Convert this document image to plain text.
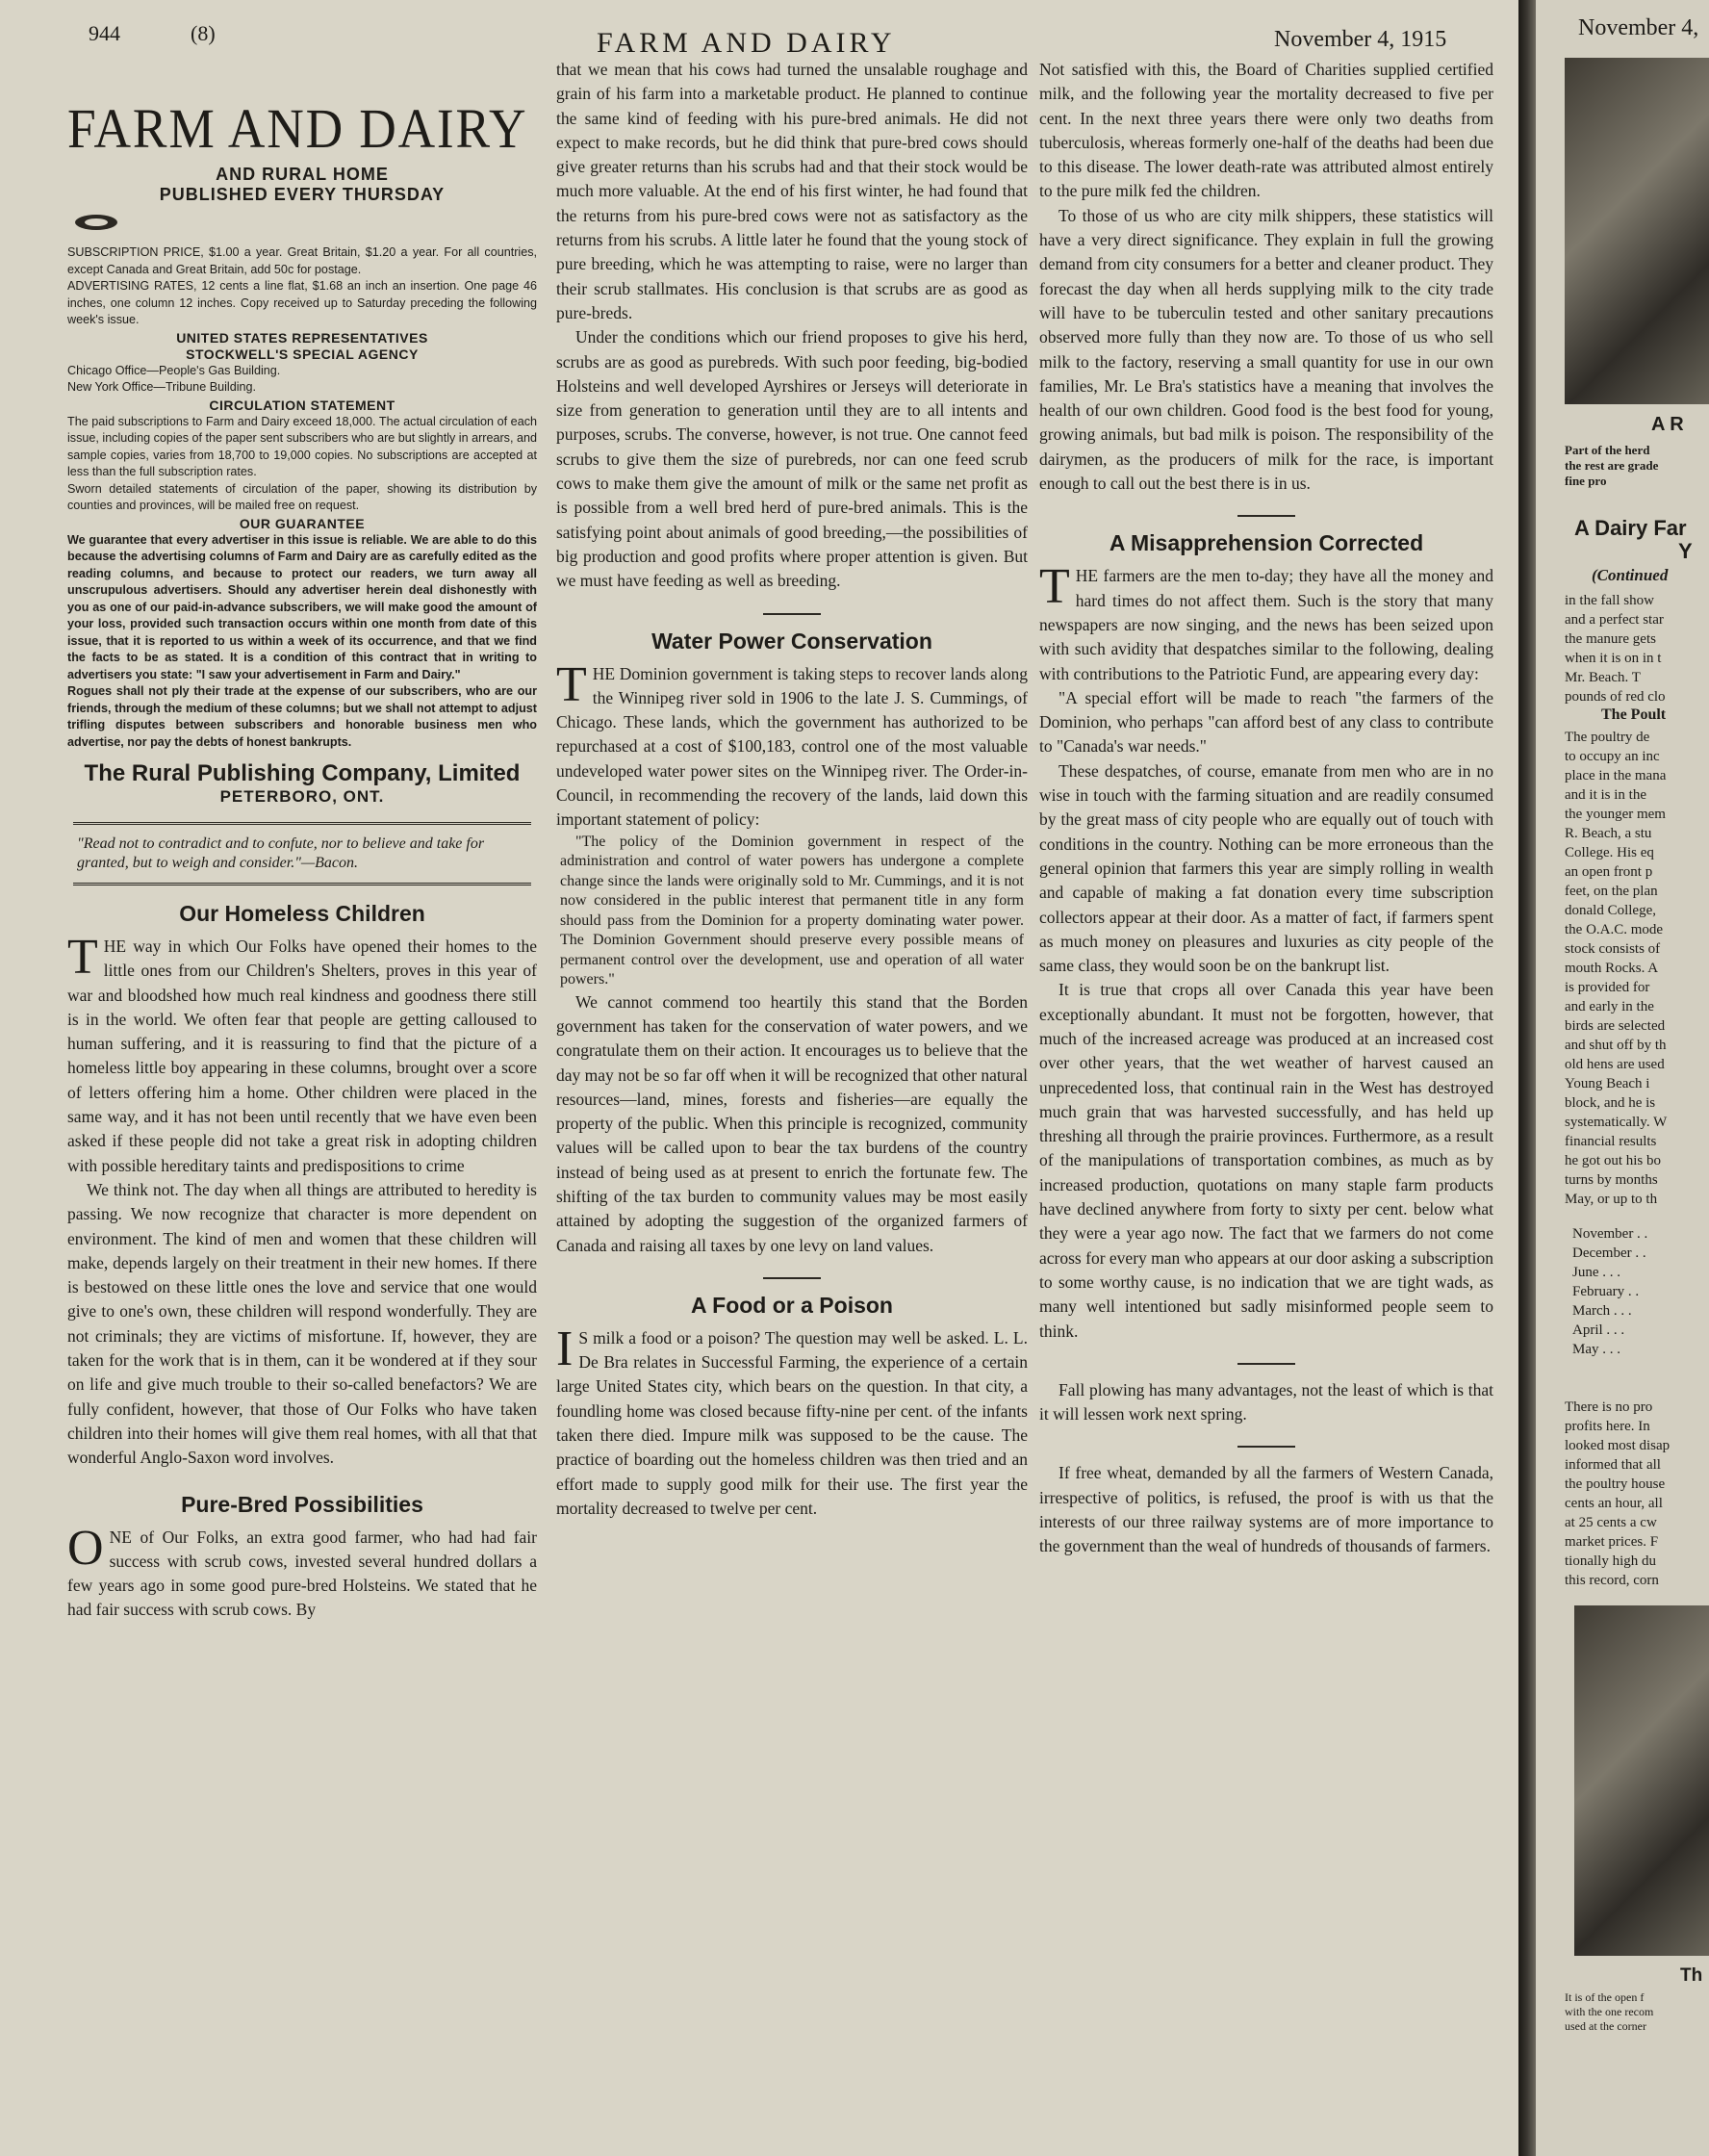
944	(8)	FARM AND DAIRY	November 4, 1915
FARM AND DAIRY
AND RURAL HOME
PUBLISHED EVERY THURSDAY

SUBSCRIPTION PRICE, $1.00 a year. Great Britain, $1.20 a year. For all countries, except Canada and Great Britain, add 50c for postage.

ADVERTISING RATES, 12 cents a line flat, $1.68 an inch an insertion. One page 46 inches, one column 12 inches. Copy received up to Saturday preceding the following week's issue.

UNITED STATES REPRESENTATIVES
STOCKWELL'S SPECIAL AGENCY

Chicago Office—People's Gas Building.

New York Office—Tribune Building.

CIRCULATION STATEMENT

The paid subscriptions to Farm and Dairy exceed 18,000. The actual circulation of each issue, including copies of the paper sent subscribers who are but slightly in arrears, and sample copies, varies from 18,700 to 19,000 copies. No subscriptions are accepted at less than the full subscription rates.

Sworn detailed statements of circulation of the paper, showing its distribution by counties and provinces, will be mailed free on request.

OUR GUARANTEE

We guarantee that every advertiser in this issue is reliable. We are able to do this because the advertising columns of Farm and Dairy are as carefully edited as the reading columns, and because to protect our readers, we turn away all unscrupulous advertisers. Should any advertiser herein deal dishonestly with you as one of our paid-in-advance subscribers, we will make good the amount of your loss, provided such transaction occurs within one month from date of this issue, that it is reported to us within a week of its occurrence, and that we find the facts to be as stated. It is a condition of this contract that in writing to advertisers you state: "I saw your advertisement in Farm and Dairy."

Rogues shall not ply their trade at the expense of our subscribers, who are our friends, through the medium of these columns; but we shall not attempt to adjust trifling disputes between subscribers and honorable business men who advertise, nor pay the debts of honest bankrupts.

The Rural Publishing Company, Limited
PETERBORO, ONT.
"Read not to contradict and to confute, nor to believe and take for granted, but to weigh and consider."—Bacon.
Our Homeless Children

THE way in which Our Folks have opened their homes to the little ones from our Children's Shelters, proves in this year of war and bloodshed how much real kindness and goodness there still is in the world. We often fear that people are getting calloused to human suffering, and it is reassuring to find that the picture of a homeless little boy appearing in these columns, brought over a score of letters offering him a home. Other children were placed in the same way, and it has not been until recently that we have even been asked if these people did not take a great risk in adopting children with possible hereditary taints and predispositions to crime

We think not. The day when all things are attributed to heredity is passing. We now recognize that character is more dependent on environment. The kind of men and women that these children will make, depends largely on their treatment in their new homes. If there is bestowed on these little ones the love and service that one would give to one's own, these children will respond wonderfully. They are not criminals; they are victims of misfortune. If, however, they are taken for the work that is in them, can it be wondered at if they sour on life and give much trouble to their so-called benefactors? We are fully confident, however, that those of Our Folks who have taken children into their homes will give them real homes, with all that that wonderful Anglo-Saxon word involves.

Pure-Bred Possibilities

ONE of Our Folks, an extra good farmer, who had had fair success with scrub cows, invested several hundred dollars a few years ago in some good pure-bred Holsteins. We stated that he had fair success with scrub cows. By

that we mean that his cows had turned the unsalable roughage and grain of his farm into a marketable product. He planned to continue the same kind of feeding with his pure-bred animals. He did not expect to make records, but he did think that pure-bred cows should give greater returns than his scrubs had and that their stock would be much more valuable. At the end of his first winter, he had found that the returns from his pure-bred cows were not as satisfactory as the returns from his scrubs. A little later he found that the young stock of pure breeding, which he was attempting to raise, were no larger than their scrub stallmates. His conclusion is that scrubs are as good as pure-breds.

Under the conditions which our friend proposes to give his herd, scrubs are as good as purebreds. With such poor feeding, big-bodied Holsteins and well developed Ayrshires or Jerseys will deteriorate in size from generation to generation until they are to all intents and purposes, scrubs. The converse, however, is not true. One cannot feed scrubs to give them the size of purebreds, nor can one feed scrub cows to make them give the amount of milk or the same net profit as is possible from a well bred herd of pure-bred animals. This is the satisfying point about animals of good breeding,—the possibilities of big production and good profits where proper attention is given. But we must have feeding as well as breeding.

Water Power Conservation

THE Dominion government is taking steps to recover lands along the Winnipeg river sold in 1906 to the late J. S. Cummings, of Chicago. These lands, which the government has authorized to be repurchased at a cost of $100,183, control one of the most valuable undeveloped water power sites on the Winnipeg river. The Order-in-Council, in recommending the recovery of the lands, laid down this important statement of policy:

"The policy of the Dominion government in respect of the administration and control of water powers has undergone a complete change since the lands were originally sold to Mr. Cummings, and it is not now considered in the public interest that permanent title in any form should pass from the Dominion for a property dominating water power. The Dominion Government should preserve every possible means of permanent control over the development, use and operation of all water powers."

We cannot commend too heartily this stand that the Borden government has taken for the conservation of water powers, and we congratulate them on their action. It encourages us to believe that the day may not be so far off when it will be recognized that other natural resources—land, mines, forests and fisheries—are equally the property of the public. When this principle is recognized, community values will be called upon to bear the tax burdens of the country instead of being used as at present to enrich the fortunate few. The shifting of the tax burden to community values may be most easily attained by adopting the suggestion of the organized farmers of Canada and raising all taxes by one levy on land values.

A Food or a Poison

I S milk a food or a poison? The question may well be asked. L. L. De Bra relates in Successful Farming, the experience of a certain large United States city, which bears on the question. In that city, a foundling home was closed because fifty-nine per cent. of the infants taken there died. Impure milk was supposed to be the cause. The practice of boarding out the homeless children was then tried and an effort made to supply good milk for their use. The first year the mortality decreased to twelve per cent.

Not satisfied with this, the Board of Charities supplied certified milk, and the following year the mortality decreased to five per cent. In the next three years there were only two deaths from tuberculosis, whereas formerly one-half of the deaths had been due to this disease. The lower death-rate was attributed almost entirely to the pure milk fed the children.

To those of us who are city milk shippers, these statistics will have a very direct significance. They explain in full the growing demand from city consumers for a better and cleaner product. They forecast the day when all herds supplying milk to the city trade will have to be tuberculin tested and other sanitary precautions observed more fully than they now are. To those of us who sell milk to the factory, reserving a small quantity for use in our own families, Mr. Le Bra's statistics have a meaning that involves the health of our own children. Good food is the best food for young, growing animals, but bad milk is poison. The responsibility of the dairymen, as the producers of milk for the race, is important enough to call out the best there is in us.

A Misapprehension Corrected

THE farmers are the men to-day; they have all the money and hard times do not affect them. Such is the story that many newspapers are now singing, and the news has been seized upon with such avidity that despatches similar to the following, dealing with contributions to the Patriotic Fund, are appearing every day:

"A special effort will be made to reach "the farmers of the Dominion, who perhaps "can afford best of any class to contribute to "Canada's war needs."

These despatches, of course, emanate from men who are in no wise in touch with the farming situation and are readily consumed by the great mass of city people who are equally out of touch with conditions in the country. Nothing can be more erroneous than the general opinion that farmers this year are simply rolling in wealth and capable of making a fat donation every time subscription collectors appear at their door. As a matter of fact, if farmers spent as much money on pleasures and luxuries as city people of the same class, they would soon be on the bankrupt list.

It is true that crops all over Canada this year have been exceptionally abundant. It must not be forgotten, however, that much of the increased acreage was produced at an increased cost over other years, that the wet weather of harvest caused an unprecedented loss, that continual rain in the West has destroyed much grain that was harvested successfully, and has held up threshing all through the prairie provinces. Furthermore, as a result of the manipulations of transportation combines, as much as by increased production, quotations on many staple farm products have declined anywhere from forty to sixty per cent. below what they were a year ago now. The fact that we farmers do not come across for every man who appears at our door asking a subscription to some worthy cause, is no indication that we are tight wads, as many well intentioned but sadly misinformed people seem to think.

Fall plowing has many advantages, not the least of which is that it will lessen work next spring.

If free wheat, demanded by all the farmers of Western Canada, irrespective of politics, is refused, the proof is with us that the interests of our three railway systems are of more importance to the government than the weal of hundreds of thousands of farmers.

November 4,
A R
Part of the herd
the rest are grade
fine pro
A Dairy Far
Y
(Continued
in the fall show
and a perfect star
the manure gets
when it is on in t
Mr. Beach. T
pounds of red clo
The Poult
The poultry de
to occupy an inc
place in the mana
and it is in the
the younger mem
R. Beach, a stu
College. His eq
an open front p
feet, on the plan
donald College,
the O.A.C. mode
stock consists of
mouth Rocks. A
is provided for
and early in the
birds are selected
and shut off by th
old hens are used
Young Beach i
block, and he is
systematically. W
financial results
he got out his bo
turns by months
May, or up to th
November . .
December . .
June . . .
February . .
March . . .
April . . .
May . . .
There is no pro
profits here. In
looked most disap
informed that all
the poultry house
cents an hour, all
at 25 cents a cw
market prices. F
tionally high du
this record, corn
Th
It is of the open f
with the one recom
used at the corner
